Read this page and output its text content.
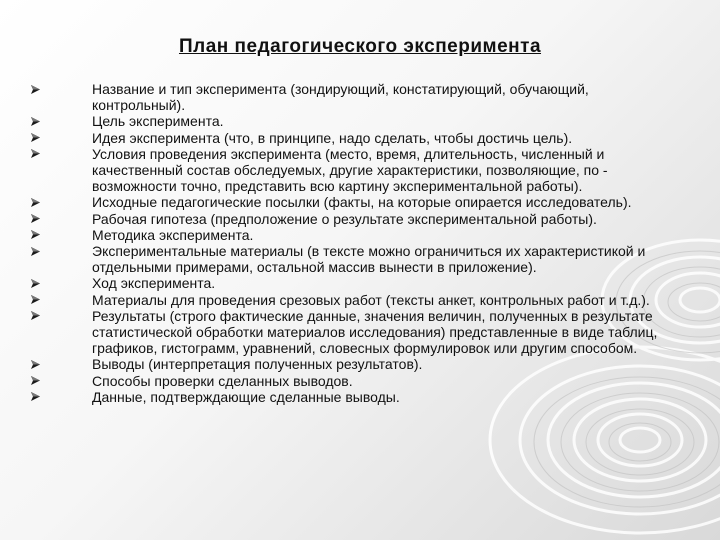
План педагогического эксперимента
Название и тип эксперимента (зондирующий, констатирующий, обучающий, контрольный).
Цель эксперимента.
Идея эксперимента (что, в принципе, надо сделать, чтобы достичь цель).
Условия проведения эксперимента (место, время, длительность, численный и качественный состав обследуемых, другие характеристики, позволяющие, по - возможности точно, представить всю картину экспериментальной работы).
Исходные педагогические посылки (факты, на которые опирается исследователь).
Рабочая гипотеза (предположение о результате экспериментальной работы).
Методика эксперимента.
Экспериментальные материалы (в тексте можно ограничиться их характеристикой и отдельными примерами, остальной массив вынести в приложение).
Ход эксперимента.
Материалы для проведения срезовых работ (тексты анкет, контрольных работ и т.д.).
Результаты (строго фактические данные, значения величин, полученных в результате статистической обработки материалов исследования) представленные в виде таблиц, графиков, гистограмм, уравнений, словесных формулировок или другим способом.
Выводы (интерпретация полученных результатов).
Способы проверки сделанных выводов.
Данные, подтверждающие сделанные выводы.
